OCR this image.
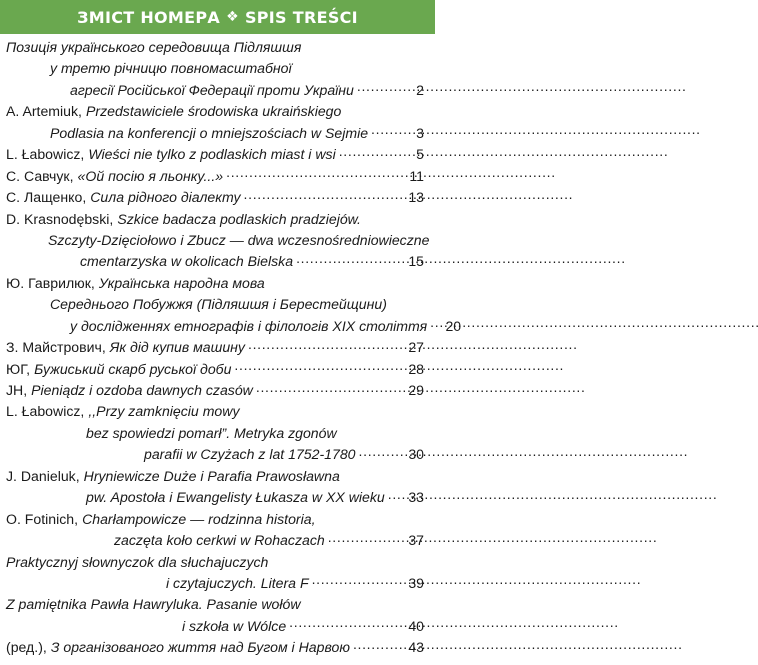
ЗМІСТ НОМЕРА ❖ SPIS TREŚCI
Позиція українського середовища Підляшшя
у третю річницю повномасштабної
агресії Російської Федерації проти України . . .	2
A. Artemiuk, Przedstawiciele środowiska ukraińskiego
Podlasia na konferencji o mniejszościach w Sejmie . . .	3
L. Łabowicz, Wieści nie tylko z podlaskich miast i wsi . . .	5
С. Савчук, «Ой посію я льонку...» . . .	11
С. Лащенко, Сила рідного діалекту . . .	13
D. Krasnodębski, Szkice badacza podlaskich pradziejów.
Szczyty-Dzięciołowo i Zbucz — dwa wczesnośredniowieczne
cmentarzyska w okolicach Bielska . . .	15
Ю. Гаврилюк, Українська народна мова
Середнього Побужжя (Підляшшя і Берестейщини)
у дослідженнях етнографів і філологів XIX століття . . . 20
З. Майстрович, Як дід купив машину . . .	27
ЮГ, Бужиський скарб руської доби . . .	28
JH, Pieniądz i ozdoba dawnych czasów . . .	29
L. Łabowicz, ,,Przy zamknięciu mowy
bez spowiedzi pomarł”. Metryka zgonów
parafii w Czyżach z lat 1752-1780 . . .	30
J. Danieluk, Hryniewicze Duże i Parafia Prawosławna
pw. Apostoła i Ewangelisty Łukasza w XX wieku . . . 33
O. Fotinich, Charłampowicze — rodzinna historia,
zaczęta koło cerkwi w Rohaczach . . .	37
Praktycznyj słownyczok dla słuchajuczych
i czytajuczych. Litera F . . .	39
Z pamiętnika Pawła Hawryluka. Pasanie wołów
i szkoła w Wólce . . .	40
(ред.), З організованого життя над Бугом і Нарвою . . .	43
